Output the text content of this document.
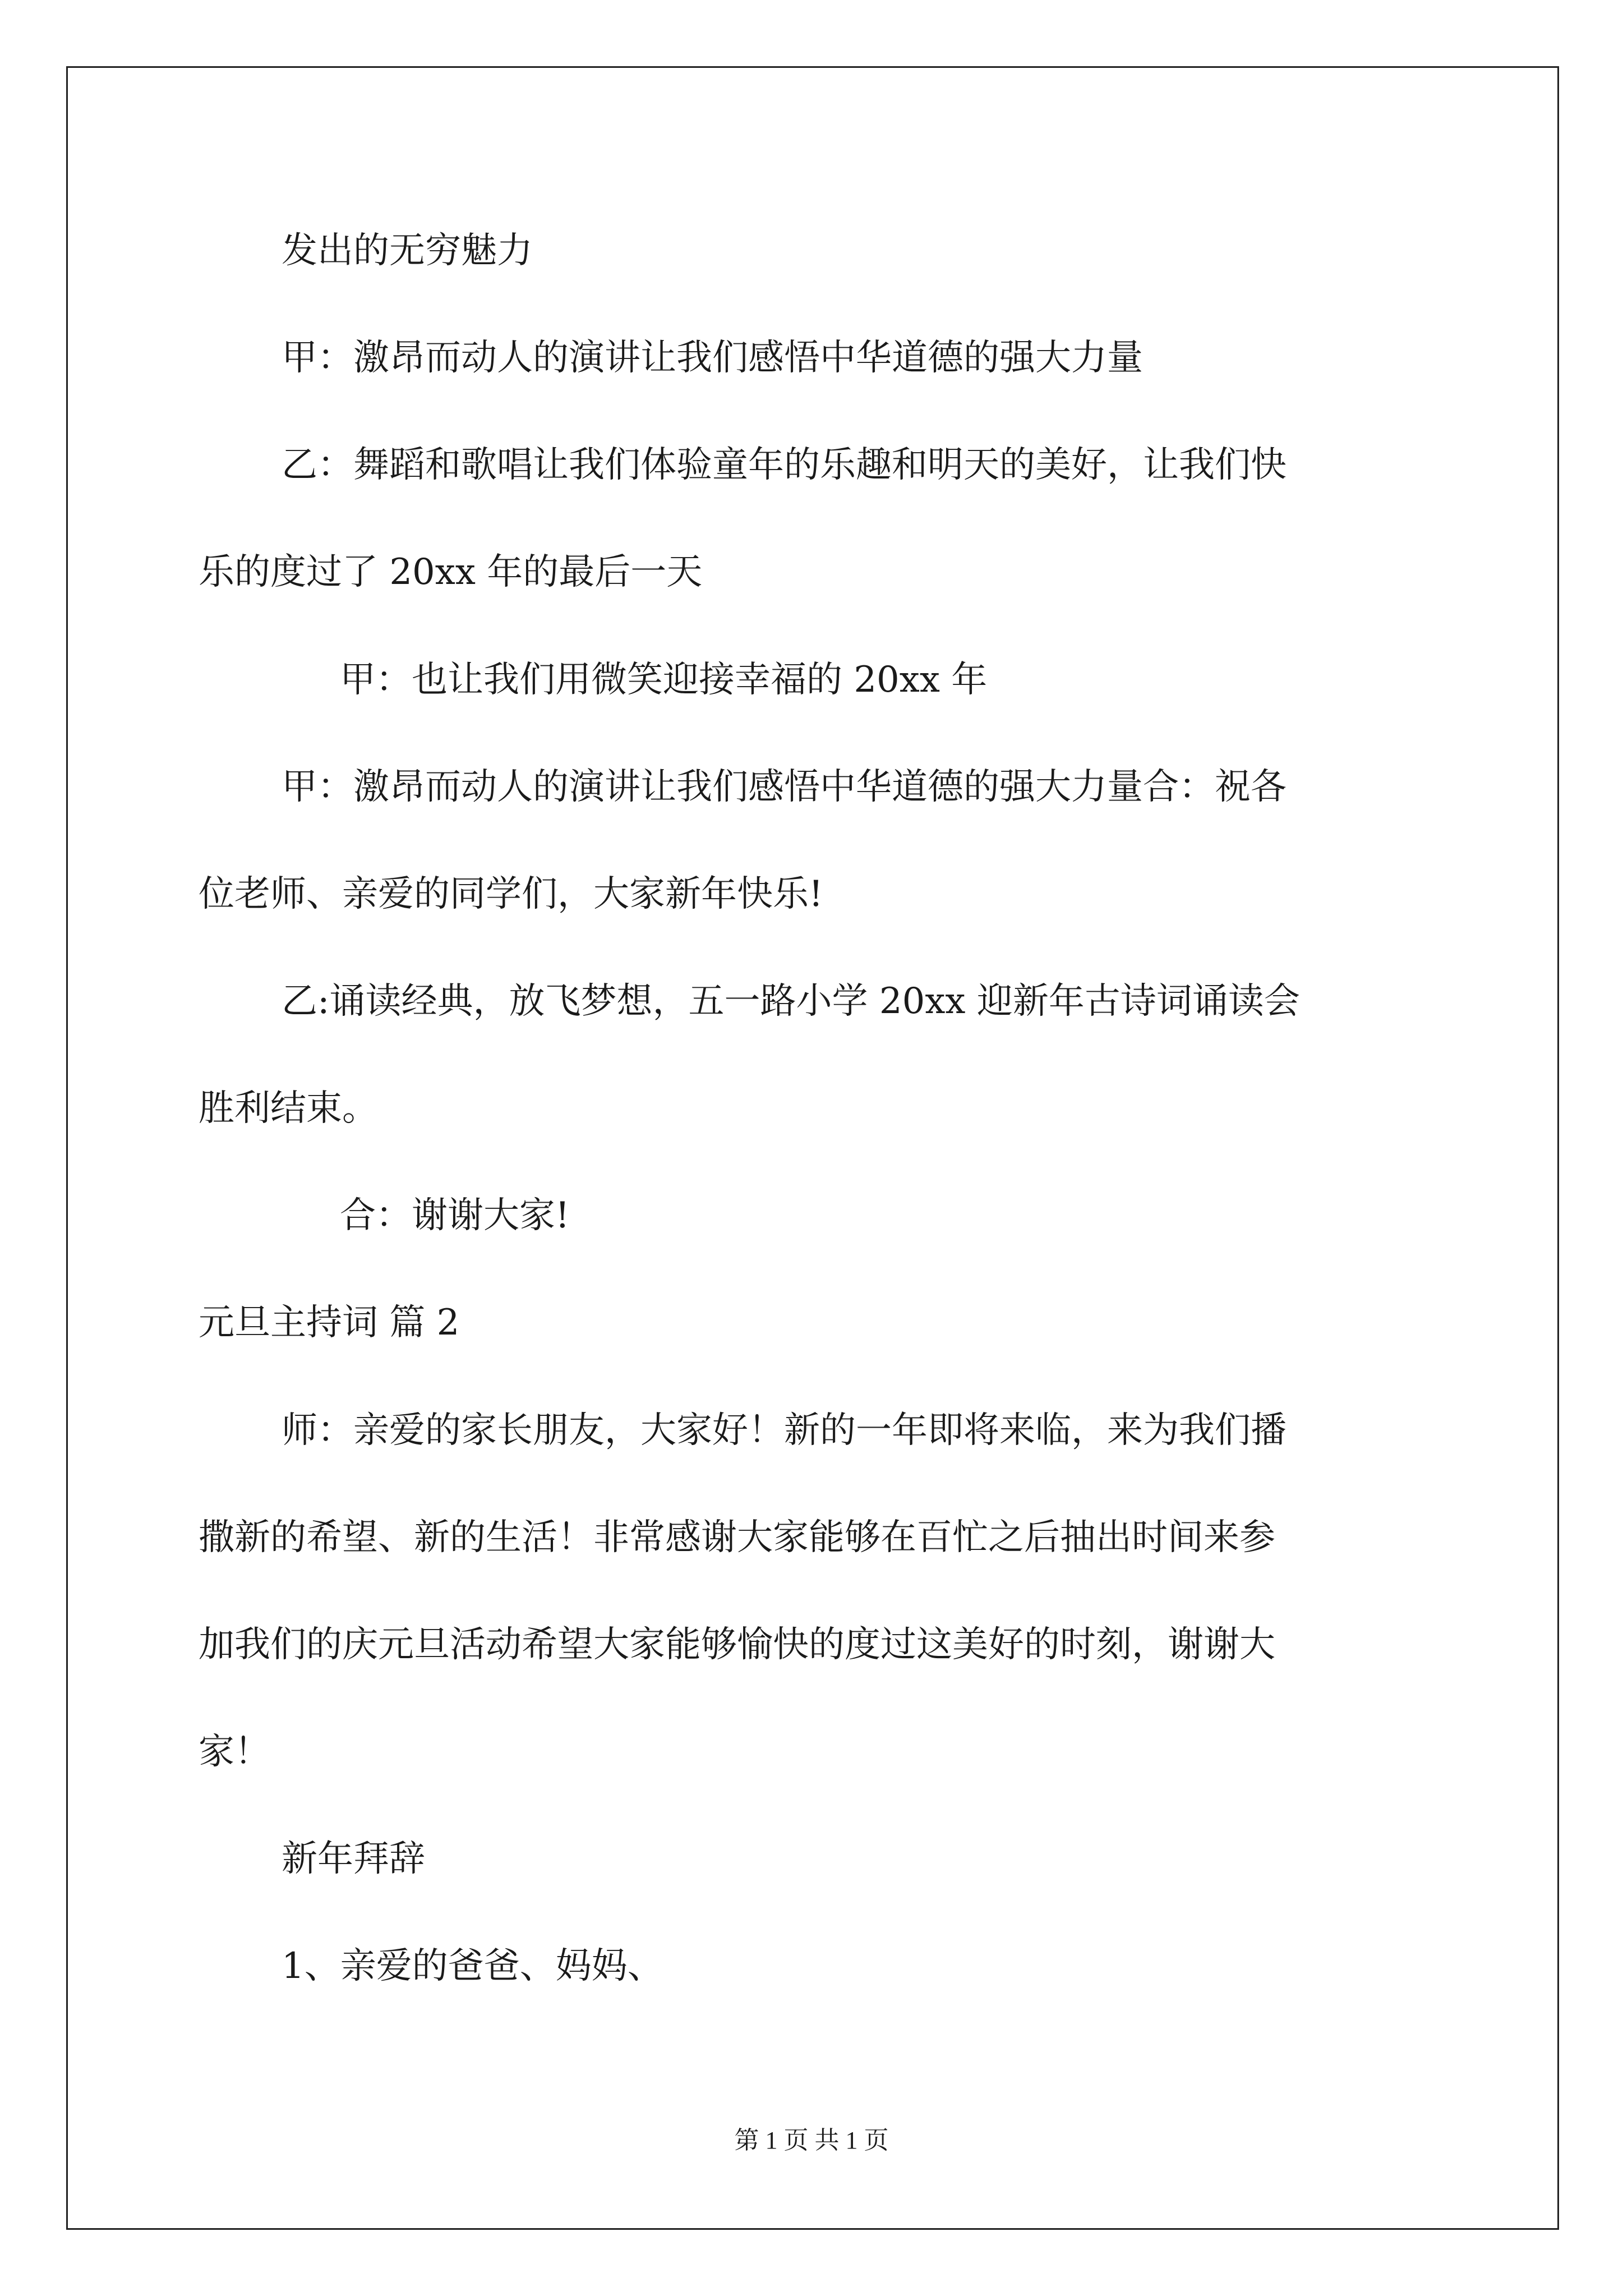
发出的无穷魅力

甲：激昂而动人的演讲让我们感悟中华道德的强大力量

乙：舞蹈和歌唱让我们体验童年的乐趣和明天的美好，让我们快

乐的度过了 20xx 年的最后一天

甲：也让我们用微笑迎接幸福的 20xx 年

甲：激昂而动人的演讲让我们感悟中华道德的强大力量合：祝各

位老师、亲爱的同学们，大家新年快乐!

乙:诵读经典，放飞梦想，五一路小学 20xx 迎新年古诗词诵读会

胜利结束。

合：谢谢大家!

元旦主持词 篇 2

师：亲爱的家长朋友，大家好！新的一年即将来临，来为我们播

撒新的希望、新的生活！非常感谢大家能够在百忙之后抽出时间来参

加我们的庆元旦活动希望大家能够愉快的度过这美好的时刻，谢谢大

家！

新年拜辞

1、亲爱的爸爸、妈妈、

第 1 页 共 1 页
